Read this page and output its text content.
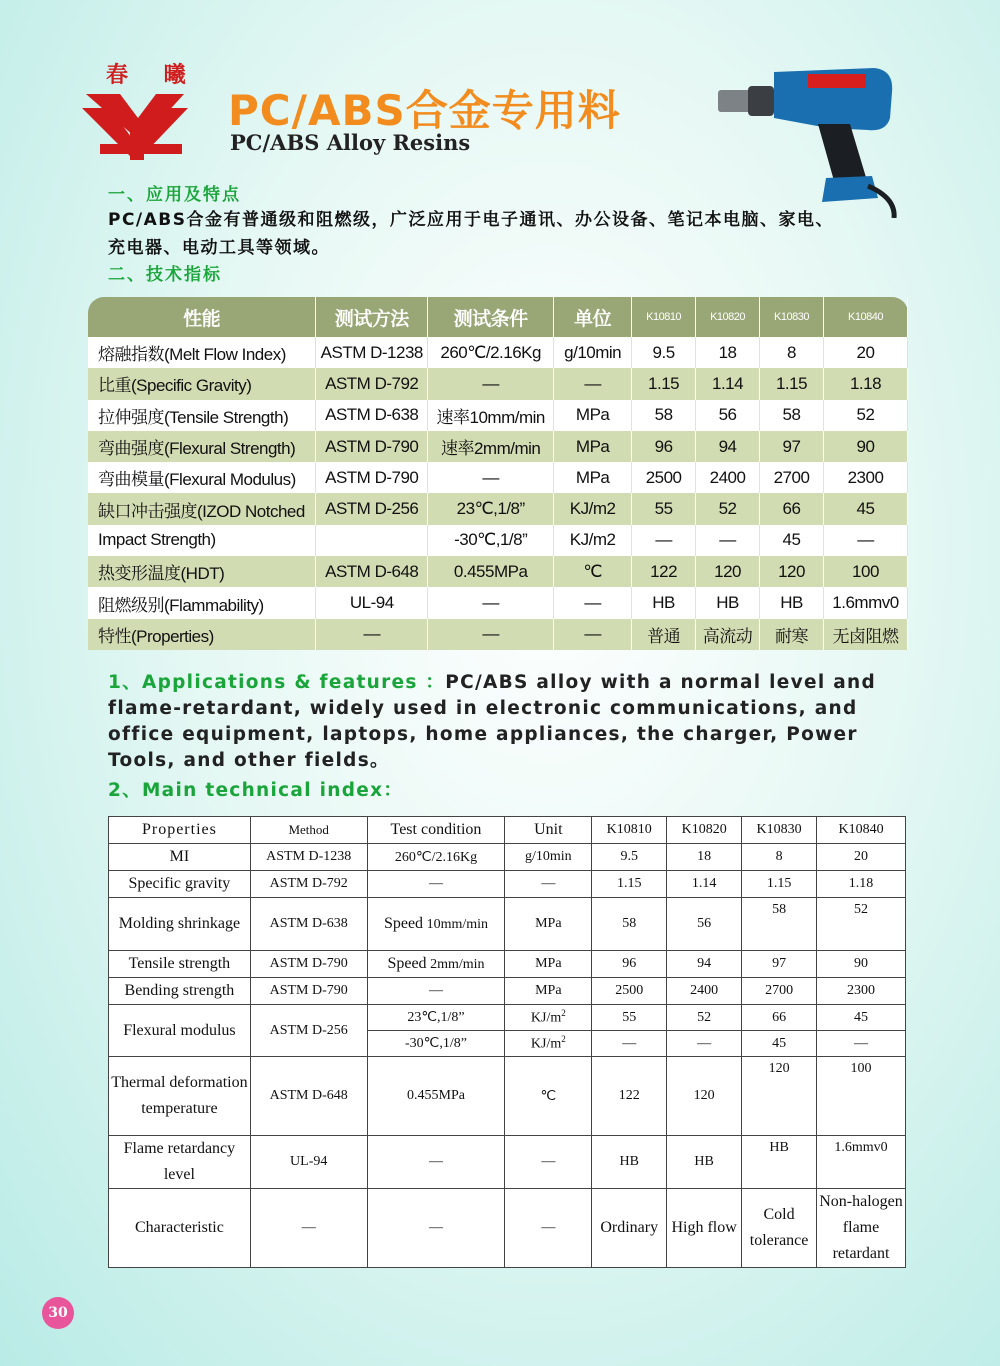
春 曦
PC/ABS合金专用料
PC/ABS Alloy Resins
一、应用及特点
PC/ABS合金有普通级和阻燃级，广泛应用于电子通讯、办公设备、笔记本电脑、家电、充电器、电动工具等领域。
二、技术指标
性能	测试方法	测试条件	单位	K10810	K10820	K10830	K10840
熔融指数(Melt Flow Index)	ASTM D-1238	260℃/2.16Kg	g/10min	9.5	18	8	20
比重(Specific Gravity)	ASTM D-792	—	—	1.15	1.14	1.15	1.18
拉伸强度(Tensile Strength)	ASTM D-638	速率10mm/min	MPa	58	56	58	52
弯曲强度(Flexural Strength)	ASTM D-790	速率2mm/min	MPa	96	94	97	90
弯曲模量(Flexural Modulus)	ASTM D-790	—	MPa	2500	2400	2700	2300
缺口冲击强度(IZOD Notched	ASTM D-256	23℃,1/8”	KJ/m2	55	52	66	45
Impact Strength)		-30℃,1/8”	KJ/m2	—	—	45	—
热变形温度(HDT)	ASTM D-648	0.455MPa	℃	122	120	120	100
阻燃级别(Flammability)	UL-94	—	—	HB	HB	HB	1.6mmv0
特性(Properties)	—	—	—	普通	高流动	耐寒	无卤阻燃
1、Applications & features ：PC/ABS alloy with a normal level and flame-retardant, widely used in electronic communications, and office equipment, laptops, home appliances, the charger, Power Tools, and other fields。
2、Main technical index：
Properties	Method	Test condition	Unit	K10810	K10820	K10830	K10840
MI	ASTM D-1238	260℃/2.16Kg	g/10min	9.5	18	8	20
Specific gravity	ASTM D-792	—	—	1.15	1.14	1.15	1.18
Molding shrinkage	ASTM D-638	Speed 10mm/min	MPa	58	56	58	52
Tensile strength	ASTM D-790	Speed 2mm/min	MPa	96	94	97	90
Bending strength	ASTM D-790	—	MPa	2500	2400	2700	2300
Flexural modulus	ASTM D-256	23℃,1/8”	$KJ/m^2$	55	52	66	45
		-30℃,1/8”	$KJ/m^2$	—	—	45	—
Thermal deformation temperature	ASTM D-648	0.455MPa	℃	122	120	120	100
Flame retardancy level	UL-94	—	—	HB	HB	HB	1.6mmv0
Characteristic	—	—	—	Ordinary	High flow	Cold tolerance	Non-halogen flame retardant
30
